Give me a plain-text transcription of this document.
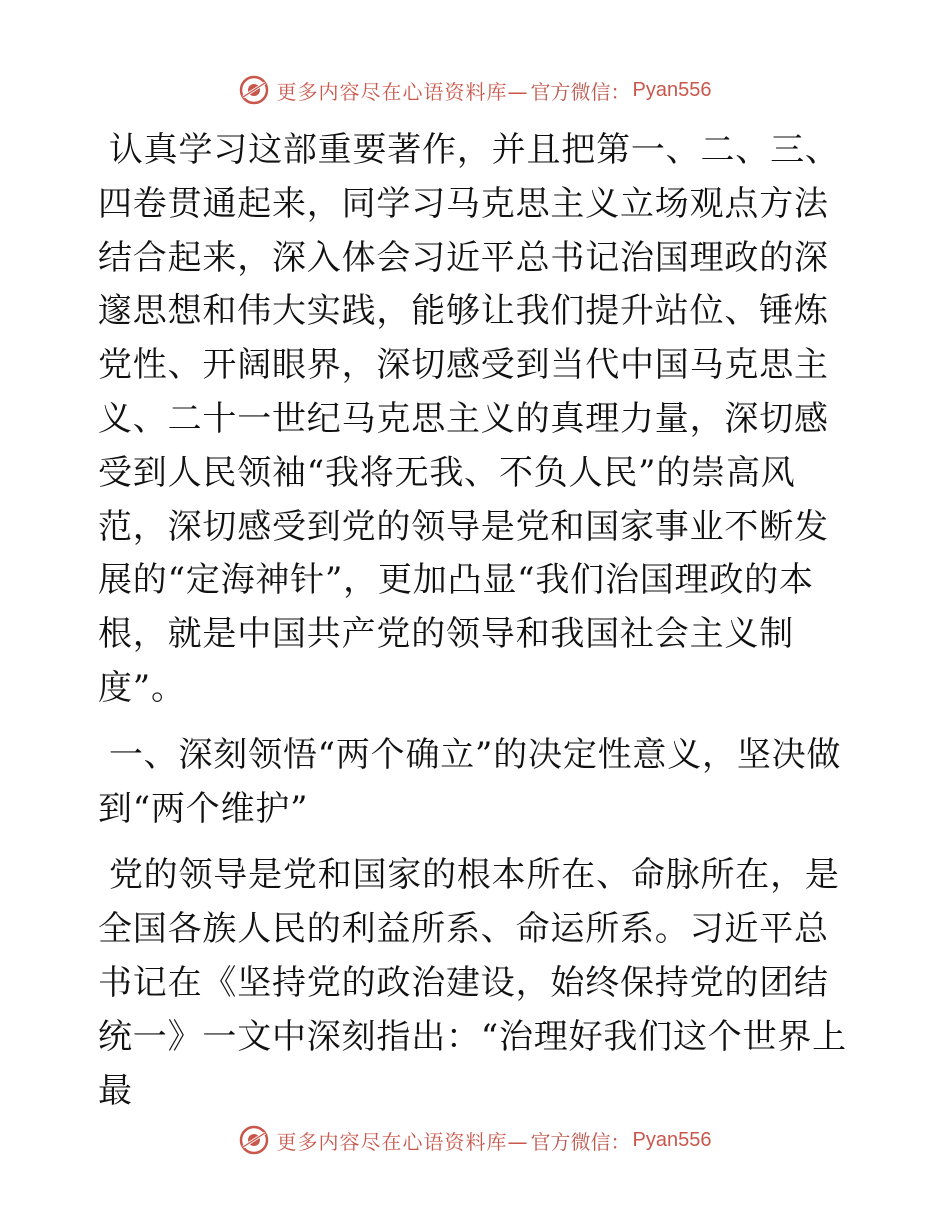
更多内容尽在心语资料库— 官方微信： Pyan556

认真学习这部重要著作，并且把第一、二、三、四卷贯通起来，同学习马克思主义立场观点方法结合起来，深入体会习近平总书记治国理政的深邃思想和伟大实践，能够让我们提升站位、锤炼党性、开阔眼界，深切感受到当代中国马克思主义、二十一世纪马克思主义的真理力量，深切感受到人民领袖“我将无我、不负人民”的崇高风范，深切感受到党的领导是党和国家事业不断发展的“定海神针”，更加凸显“我们治国理政的本根，就是中国共产党的领导和我国社会主义制度”。

一、深刻领悟“两个确立”的决定性意义，坚决做到“两个维护”

党的领导是党和国家的根本所在、命脉所在，是全国各族人民的利益所系、命运所系。习近平总书记在《坚持党的政治建设，始终保持党的团结统一》一文中深刻指出：“治理好我们这个世界上最

更多内容尽在心语资料库— 官方微信： Pyan556
